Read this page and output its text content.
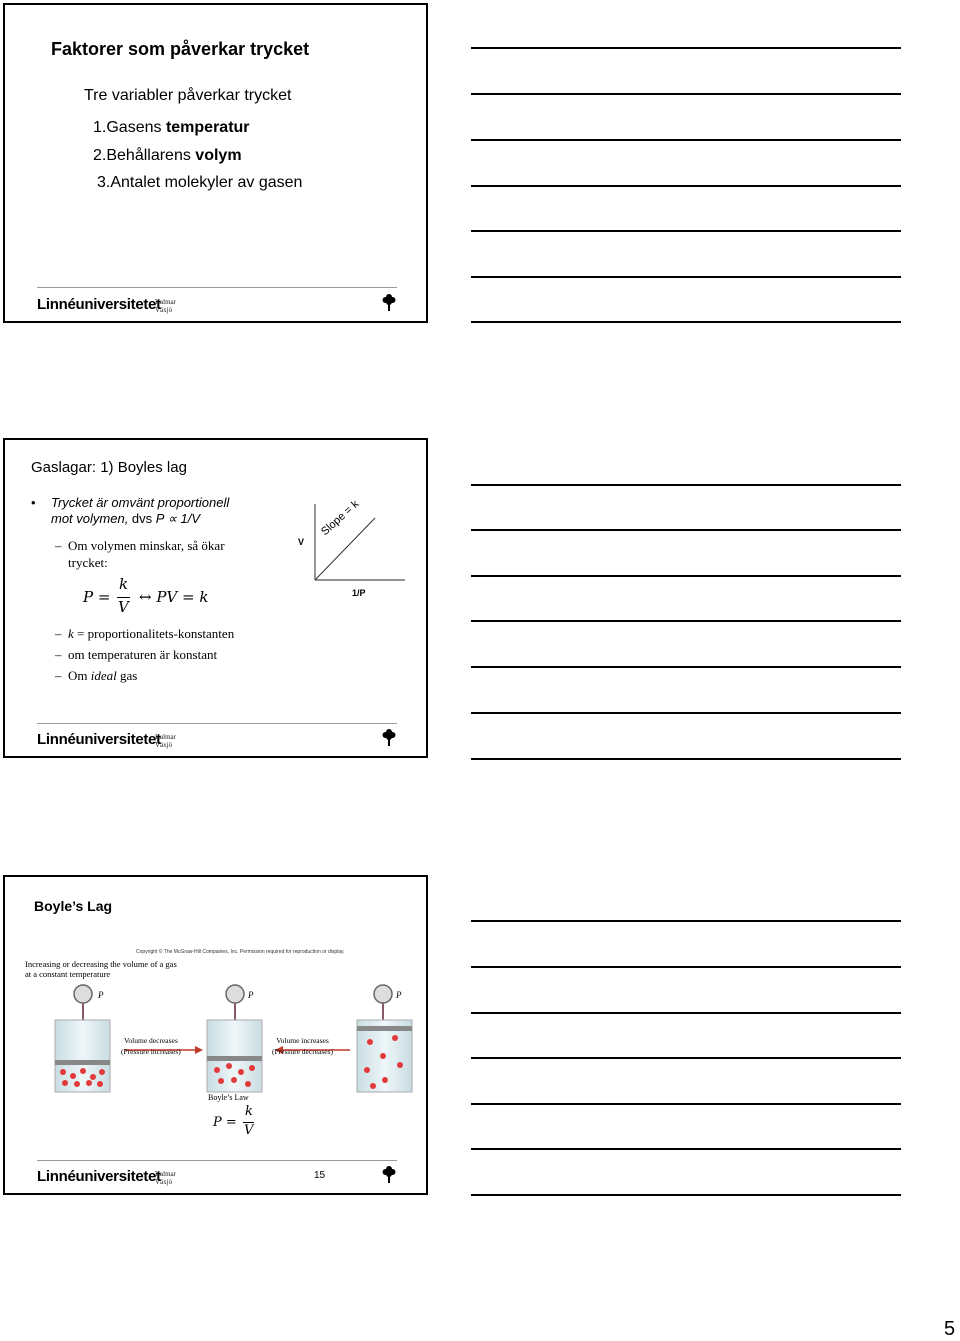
Faktorer som påverkar trycket
Tre variabler påverkar trycket
1.Gasens temperatur
2.Behållarens volym
3.Antalet molekyler av gasen
Linnéuniversitetet
Kalmar
Växjö
Gaslagar: 1) Boyles lag
• Trycket är omvänt proportionell
mot volymen, dvs P ∝ 1/V
– Om volymen minskar, så ökar
trycket:
P =
k
V
↔ PV = k
– k = proportionalitets-konstanten
– om temperaturen är konstant
– Om ideal gas
V
1/P
Slope = k
Linnéuniversitetet
Kalmar
Växjö
Boyle’s Lag
Copyright © The McGraw-Hill Companies, Inc. Permission required for reproduction or display.
Increasing or decreasing the volume of a gas
at a constant temperature
P	P	P
Volume decreases
(Pressure increases)
Volume increases
(Pressure decreases)
Boyle’s Law
P =
k
V
Linnéuniversitetet
Kalmar
Växjö
15
5
